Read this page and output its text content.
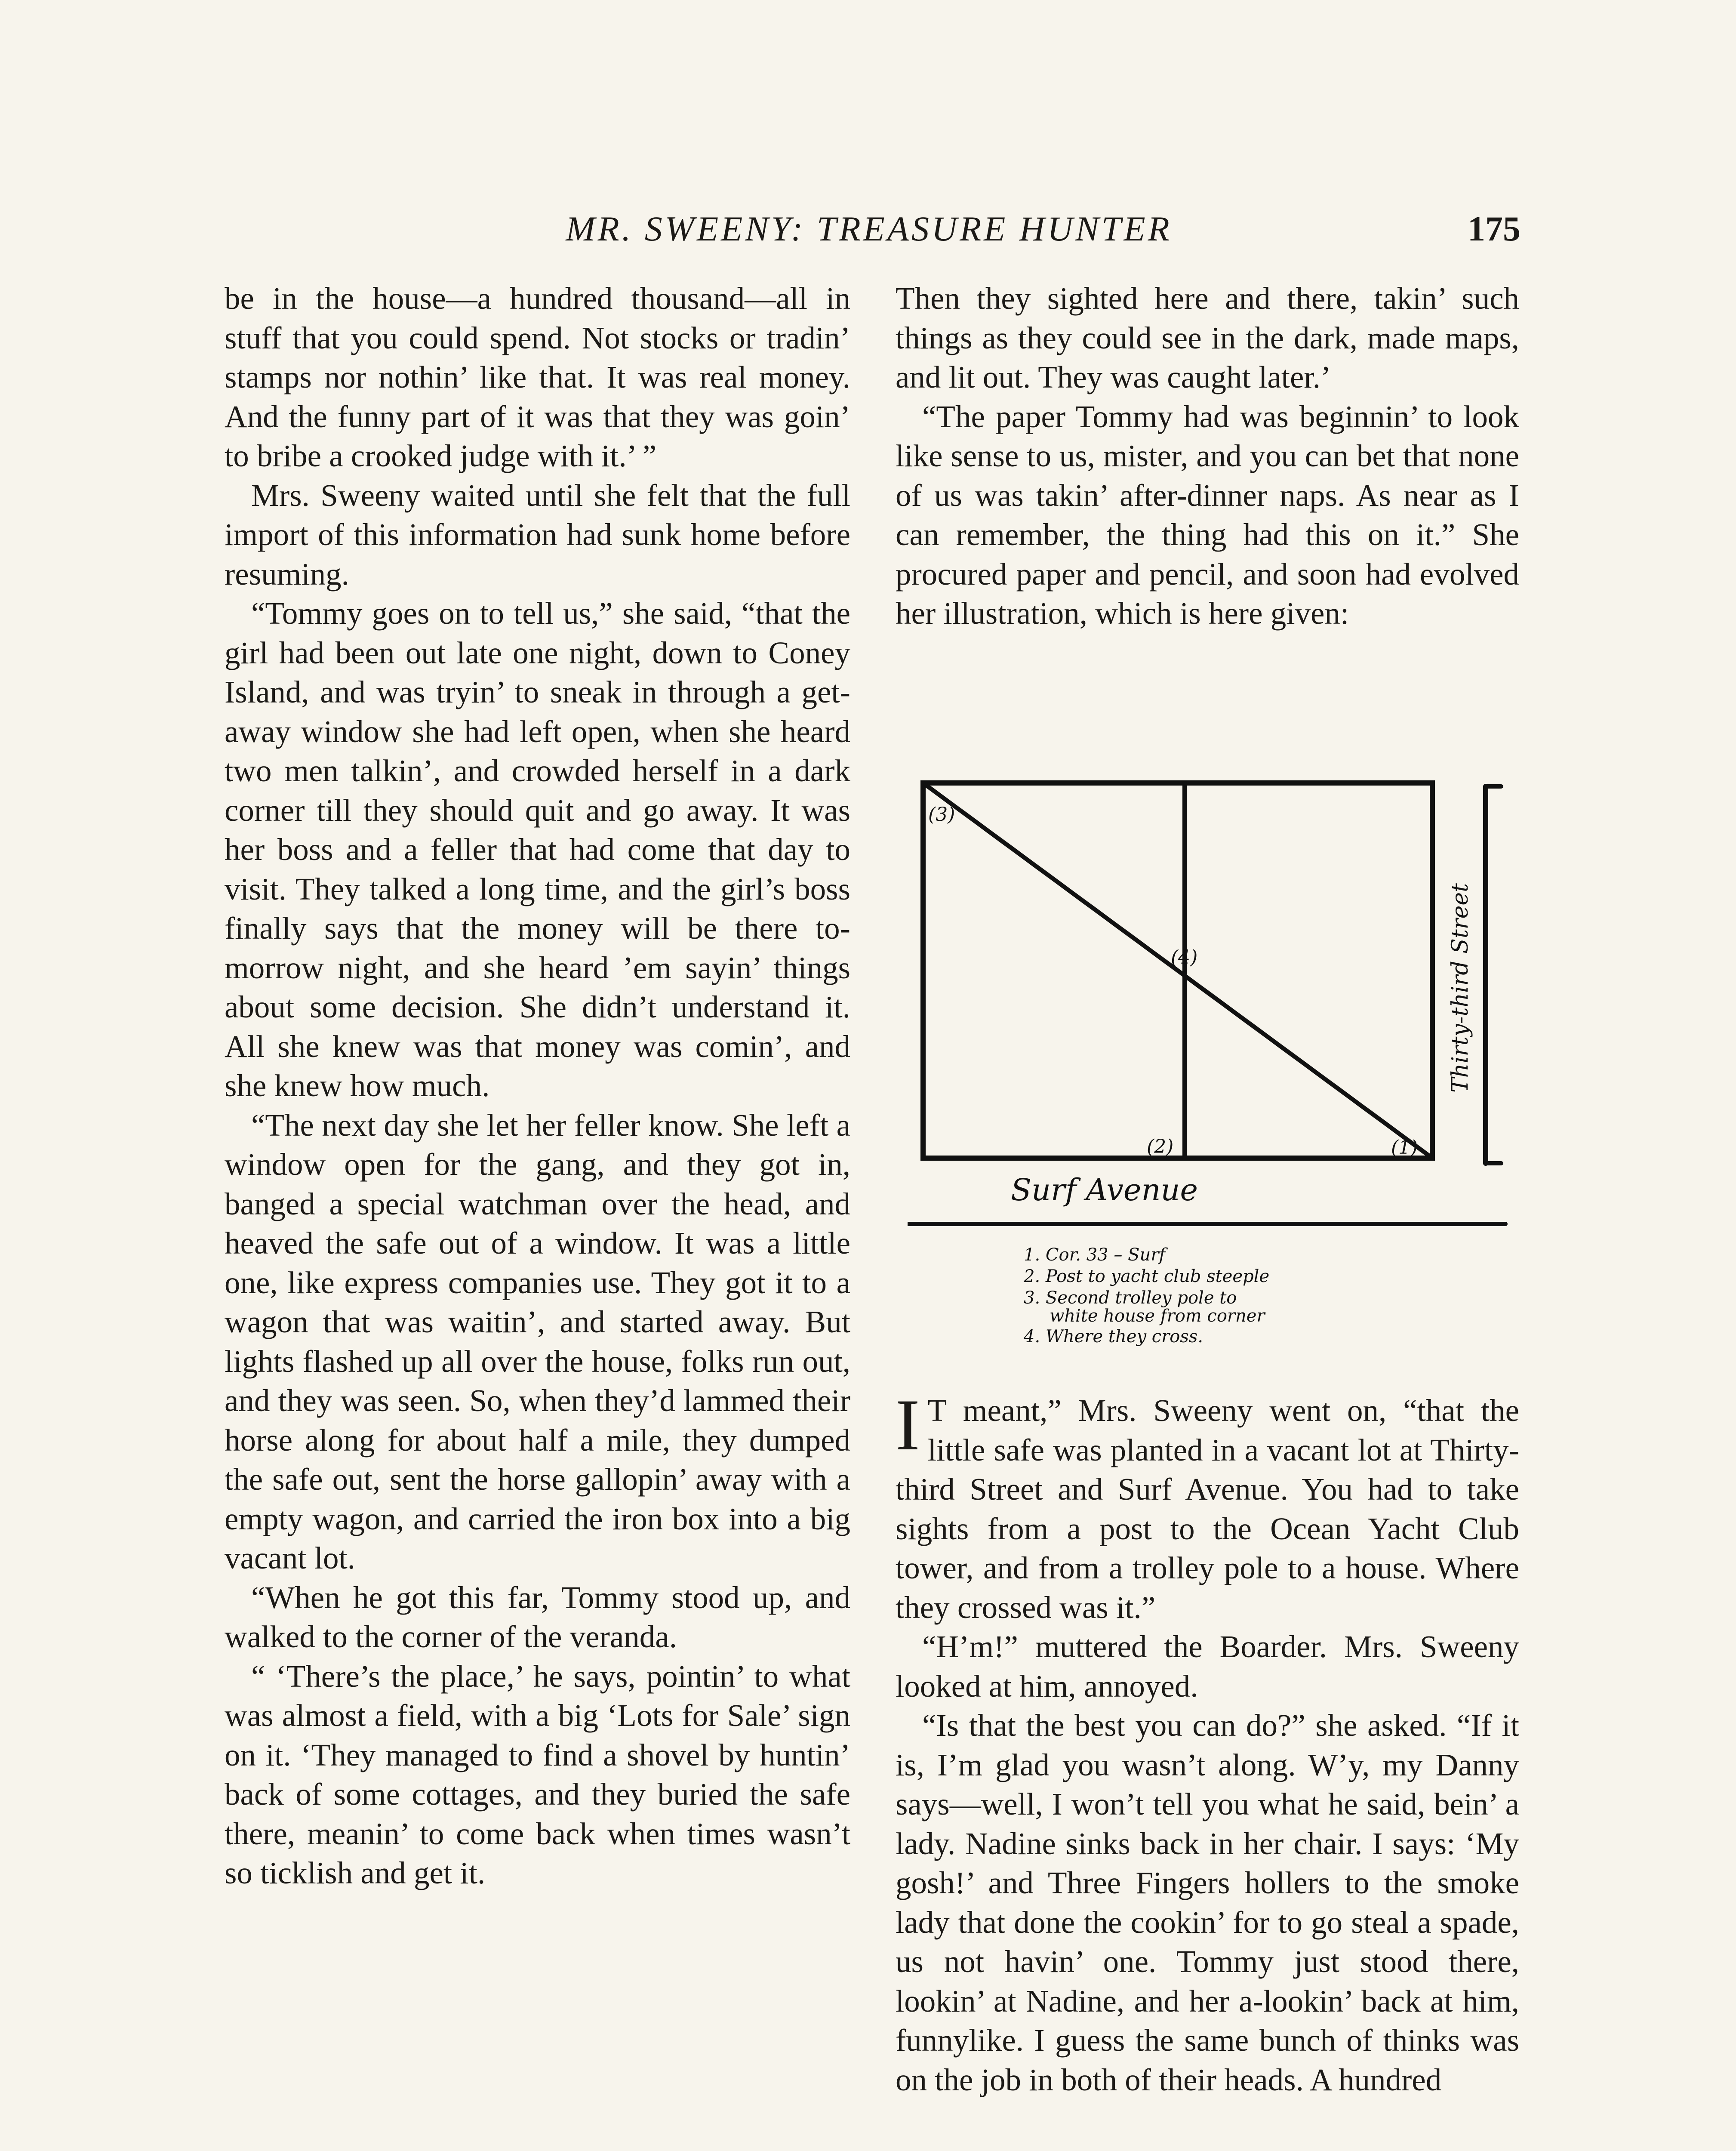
MR. SWEENY: TREASURE HUNTER	175

be in the house—a hundred thousand—all in stuff that you could spend. Not stocks or tradin’ stamps nor nothin’ like that. It was real money. And the funny part of it was that they was goin’ to bribe a crooked judge with it.’ ”

Mrs. Sweeny waited until she felt that the full import of this information had sunk home before resuming.

“Tommy goes on to tell us,” she said, “that the girl had been out late one night, down to Coney Island, and was tryin’ to sneak in through a get-away window she had left open, when she heard two men talkin’, and crowded herself in a dark corner till they should quit and go away. It was her boss and a feller that had come that day to visit. They talked a long time, and the girl’s boss finally says that the money will be there to-morrow night, and she heard ’em sayin’ things about some decision. She didn’t understand it. All she knew was that money was comin’, and she knew how much.

“The next day she let her feller know. She left a window open for the gang, and they got in, banged a special watchman over the head, and heaved the safe out of a window. It was a little one, like express companies use. They got it to a wagon that was waitin’, and started away. But lights flashed up all over the house, folks run out, and they was seen. So, when they’d lammed their horse along for about half a mile, they dumped the safe out, sent the horse gallopin’ away with a empty wagon, and carried the iron box into a big vacant lot.

“When he got this far, Tommy stood up, and walked to the corner of the veranda.

“ ‘There’s the place,’ he says, pointin’ to what was almost a field, with a big ‘Lots for Sale’ sign on it. ‘They managed to find a shovel by huntin’ back of some cottages, and they buried the safe there, meanin’ to come back when times wasn’t so ticklish and get it.

Then they sighted here and there, takin’ such things as they could see in the dark, made maps, and lit out. They was caught later.’

“The paper Tommy had was beginnin’ to look like sense to us, mister, and you can bet that none of us was takin’ after-dinner naps. As near as I can remember, the thing had this on it.” She procured paper and pencil, and soon had evolved her illustration, which is here given:

I T meant,” Mrs. Sweeny went on, “that the little safe was planted in a vacant lot at Thirty-third Street and Surf Avenue. You had to take sights from a post to the Ocean Yacht Club tower, and from a trolley pole to a house. Where they crossed was it.”

“H’m!” muttered the Boarder. Mrs. Sweeny looked at him, annoyed.

“Is that the best you can do?” she asked. “If it is, I’m glad you wasn’t along. W’y, my Danny says—well, I won’t tell you what he said, bein’ a lady. Nadine sinks back in her chair. I says: ‘My gosh!’ and Three Fingers hollers to the smoke lady that done the cookin’ for to go steal a spade, us not havin’ one. Tommy just stood there, lookin’ at Nadine, and her a-lookin’ back at him, funnylike. I guess the same bunch of thinks was on the job in both of their heads. A hundred

(3)
(4)
(2)	(1)
Surf Avenue
Thirty-third Street
1. Cor. 33 – Surf
2. Post to yacht club steeple
3. Second trolley pole to
white house from corner
4. Where they cross.
